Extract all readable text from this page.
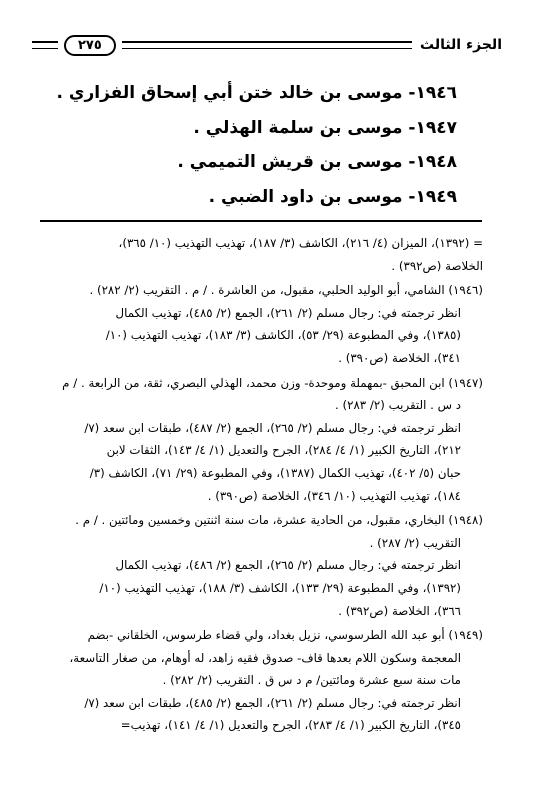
الجزء الثالث
٢٧٥
١٩٤٦- موسى بن خالد ختن أبي إسحاق الفزاري .
١٩٤٧- موسى بن سلمة الهذلي .
١٩٤٨- موسى بن قريش التميمي .
١٩٤٩- موسى بن داود الضبي .
= (١٣٩٢)، الميزان (٤/ ٢١٦)، الكاشف (٣/ ١٨٧)، تهذيب التهذيب (١٠/ ٣٦٥)،
الخلاصة (ص٣٩٢) .
(١٩٤٦) الشامي، أبو الوليد الحلبي، مقبول، من العاشرة . / م . التقريب (٢/ ٢٨٢) .
انظر ترجمته في: رجال مسلم (٢/ ٢٦١)، الجمع (٢/ ٤٨٥)، تهذيب الكمال
(١٣٨٥)، وفي المطبوعة (٢٩/ ٥٣)، الكاشف (٣/ ١٨٣)، تهذيب التهذيب (١٠/
٣٤١)، الخلاصة (ص٣٩٠) .
(١٩٤٧) ابن المحبق -بمهملة وموحدة- وزن محمد، الهذلي البصري، ثقة، من الرابعة . / م
د س . التقريب (٢/ ٢٨٣) .
انظر ترجمته في: رجال مسلم (٢/ ٢٦٥)، الجمع (٢/ ٤٨٧)، طبقات ابن سعد (٧/
٢١٢)، التاريخ الكبير (١/ ٤/ ٢٨٤)، الجرح والتعديل (١/ ٤/ ١٤٣)، الثقات لابن
حبان (٥/ ٤٠٢)، تهذيب الكمال (١٣٨٧)، وفي المطبوعة (٢٩/ ٧١)، الكاشف (٣/
١٨٤)، تهذيب التهذيب (١٠/ ٣٤٦)، الخلاصة (ص٣٩٠) .
(١٩٤٨) البخاري، مقبول، من الحادية عشرة، مات سنة اثنتين وخمسين ومائتين . / م .
التقريب (٢/ ٢٨٧) .
انظر ترجمته في: رجال مسلم (٢/ ٢٦٥)، الجمع (٢/ ٤٨٦)، تهذيب الكمال
(١٣٩٢)، وفي المطبوعة (٢٩/ ١٣٣)، الكاشف (٣/ ١٨٨)، تهذيب التهذيب (١٠/
٣٦٦)، الخلاصة (ص٣٩٢) .
(١٩٤٩) أبو عبد الله الطرسوسي، نزيل بغداد، ولي قضاء طرسوس، الخلقاني -بضم
المعجمة وسكون اللام بعدها قاف- صدوق فقيه زاهد، له أوهام، من صغار التاسعة،
مات سنة سبع عشرة ومائتين/ م د س ق . التقريب (٢/ ٢٨٢) .
انظر ترجمته في: رجال مسلم (٢/ ٢٦١)، الجمع (٢/ ٤٨٥)، طبقات ابن سعد (٧/
٣٤٥)، التاريخ الكبير (١/ ٤/ ٢٨٣)، الجرح والتعديل (١/ ٤/ ١٤١)، تهذيب=
